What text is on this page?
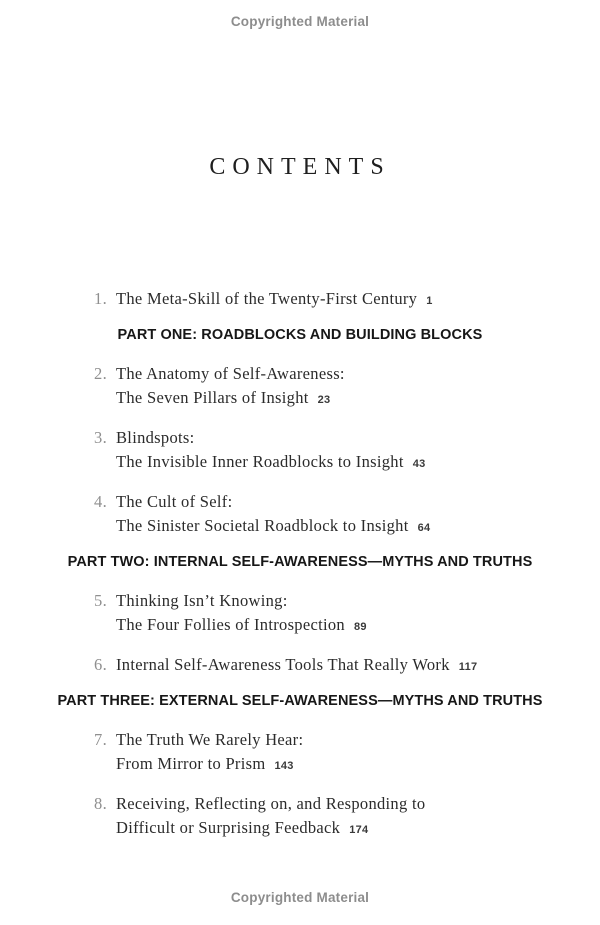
Copyrighted Material
CONTENTS
1. The Meta-Skill of the Twenty-First Century 1
PART ONE: ROADBLOCKS AND BUILDING BLOCKS
2. The Anatomy of Self-Awareness:
The Seven Pillars of Insight 23
3. Blindspots:
The Invisible Inner Roadblocks to Insight 43
4. The Cult of Self:
The Sinister Societal Roadblock to Insight 64
PART TWO: INTERNAL SELF-AWARENESS—MYTHS AND TRUTHS
5. Thinking Isn’t Knowing:
The Four Follies of Introspection 89
6. Internal Self-Awareness Tools That Really Work 117
PART THREE: EXTERNAL SELF-AWARENESS—MYTHS AND TRUTHS
7. The Truth We Rarely Hear:
From Mirror to Prism 143
8. Receiving, Reflecting on, and Responding to
Difficult or Surprising Feedback 174
Copyrighted Material
